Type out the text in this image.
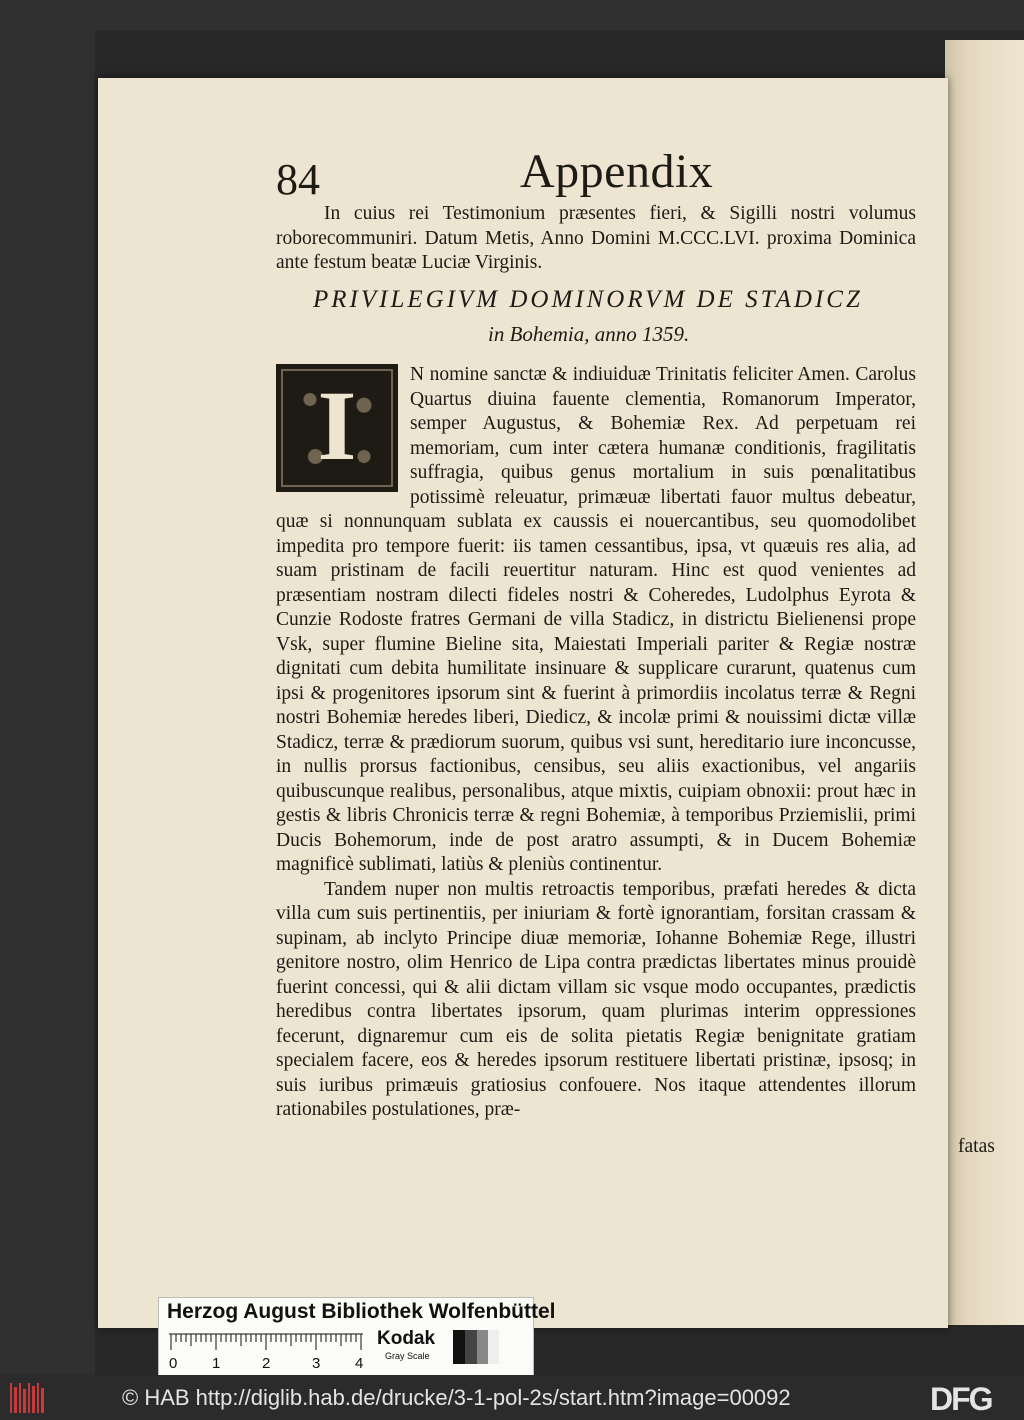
84	Appendix
In cuius rei Testimonium præsentes fieri, & Sigilli nostri volumus roborecommuniri. Datum Metis, Anno Domini M.CCC.LVI. proxima Dominica ante festum beatæ Luciæ Virginis.
PRIVILEGIVM DOMINORVM DE STADICZ
in Bohemia, anno 1359.
I	N nomine sanctæ & indiuiduæ Trinitatis feliciter Amen. Carolus Quartus diuina fauente clementia, Romanorum Imperator, semper Augustus, & Bohemiæ Rex. Ad perpetuam rei memoriam, cum inter cætera humanæ conditionis, fragilitatis suffragia, quibus genus mortalium in suis pœnalitatibus potissimè releuatur, primæuæ libertati fauor multus debeatur, quæ si nonnunquam sublata ex caussis ei nouercantibus, seu quomodolibet impedita pro tempore fuerit: iis tamen cessantibus, ipsa, vt quæuis res alia, ad suam pristinam de facili reuertitur naturam. Hinc est quod venientes ad præsentiam nostram dilecti fideles nostri & Coheredes, Ludolphus Eyrota & Cunzie Rodoste fratres Germani de villa Stadicz, in districtu Bielienensi prope Vsk, super flumine Bieline sita, Maiestati Imperiali pariter & Regiæ nostræ dignitati cum debita humilitate insinuare & supplicare curarunt, quatenus cum ipsi & progenitores ipsorum sint & fuerint à primordiis incolatus terræ & Regni nostri Bohemiæ heredes liberi, Diedicz, & incolæ primi & nouissimi dictæ villæ Stadicz, terræ & prædiorum suorum, quibus vsi sunt, hereditario iure inconcusse, in nullis prorsus factionibus, censibus, seu aliis exactionibus, vel angariis quibuscunque realibus, personalibus, atque mixtis, cuipiam obnoxii: prout hæc in gestis & libris Chronicis terræ & regni Bohemiæ, à temporibus Prziemislii, primi Ducis Bohemorum, inde de post aratro assumpti, & in Ducem Bohemiæ magnificè sublimati, latiùs & pleniùs continentur.
Tandem nuper non multis retroactis temporibus, præfati heredes & dicta villa cum suis pertinentiis, per iniuriam & fortè ignorantiam, forsitan crassam & supinam, ab inclyto Principe diuæ memoriæ, Iohanne Bohemiæ Rege, illustri genitore nostro, olim Henrico de Lipa contra prædictas libertates minus prouidè fuerint concessi, qui & alii dictam villam sic vsque modo occupantes, prædictis heredibus contra libertates ipsorum, quam plurimas interim oppressiones fecerunt, dignaremur cum eis de solita pietatis Regiæ benignitate gratiam specialem facere, eos & heredes ipsorum restituere libertati pristinæ, ipsosq; in suis iuribus primæuis gratiosius confouere. Nos itaque attendentes illorum rationabiles postulationes, præ-
fatas
Herzog August Bibliothek Wolfenbüttel
0 1	2	3 4
Kodak
Gray Scale
© HAB http://diglib.hab.de/drucke/3-1-pol-2s/start.htm?image=00092	DFG
